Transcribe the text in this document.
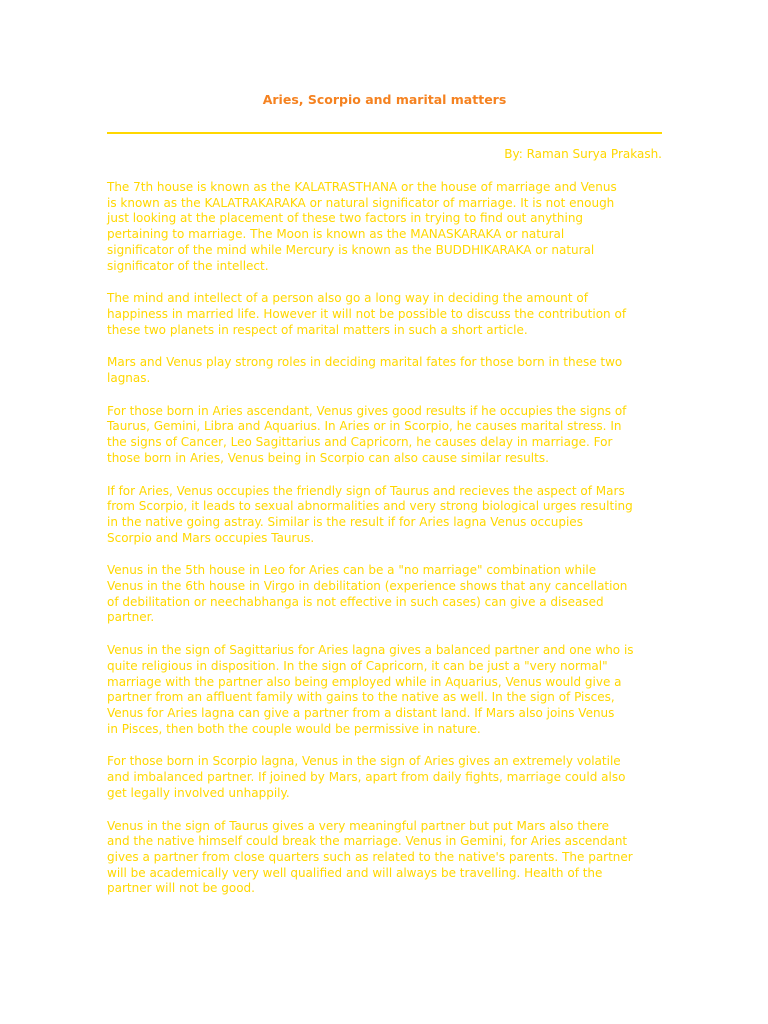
Aries, Scorpio and marital matters

By: Raman Surya Prakash.

The 7th house is known as the KALATRASTHANA or the house of marriage and Venus
is known as the KALATRAKARAKA or natural significator of marriage. It is not enough
just looking at the placement of these two factors in trying to find out anything
pertaining to marriage. The Moon is known as the MANASKARAKA or natural
significator of the mind while Mercury is known as the BUDDHIKARAKA or natural
significator of the intellect.

The mind and intellect of a person also go a long way in deciding the amount of
happiness in married life. However it will not be possible to discuss the contribution of
these two planets in respect of marital matters in such a short article.

Mars and Venus play strong roles in deciding marital fates for those born in these two
lagnas.

For those born in Aries ascendant, Venus gives good results if he occupies the signs of
Taurus, Gemini, Libra and Aquarius. In Aries or in Scorpio, he causes marital stress. In
the signs of Cancer, Leo Sagittarius and Capricorn, he causes delay in marriage. For
those born in Aries, Venus being in Scorpio can also cause similar results.

If for Aries, Venus occupies the friendly sign of Taurus and recieves the aspect of Mars
from Scorpio, it leads to sexual abnormalities and very strong biological urges resulting
in the native going astray. Similar is the result if for Aries lagna Venus occupies
Scorpio and Mars occupies Taurus.

Venus in the 5th house in Leo for Aries can be a "no marriage" combination while
Venus in the 6th house in Virgo in debilitation (experience shows that any cancellation
of debilitation or neechabhanga is not effective in such cases) can give a diseased
partner.

Venus in the sign of Sagittarius for Aries lagna gives a balanced partner and one who is
quite religious in disposition. In the sign of Capricorn, it can be just a "very normal"
marriage with the partner also being employed while in Aquarius, Venus would give a
partner from an affluent family with gains to the native as well. In the sign of Pisces,
Venus for Aries lagna can give a partner from a distant land. If Mars also joins Venus
in Pisces, then both the couple would be permissive in nature.

For those born in Scorpio lagna, Venus in the sign of Aries gives an extremely volatile
and imbalanced partner. If joined by Mars, apart from daily fights, marriage could also
get legally involved unhappily.

Venus in the sign of Taurus gives a very meaningful partner but put Mars also there
and the native himself could break the marriage. Venus in Gemini, for Aries ascendant
gives a partner from close quarters such as related to the native's parents. The partner
will be academically very well qualified and will always be travelling. Health of the
partner will not be good.
